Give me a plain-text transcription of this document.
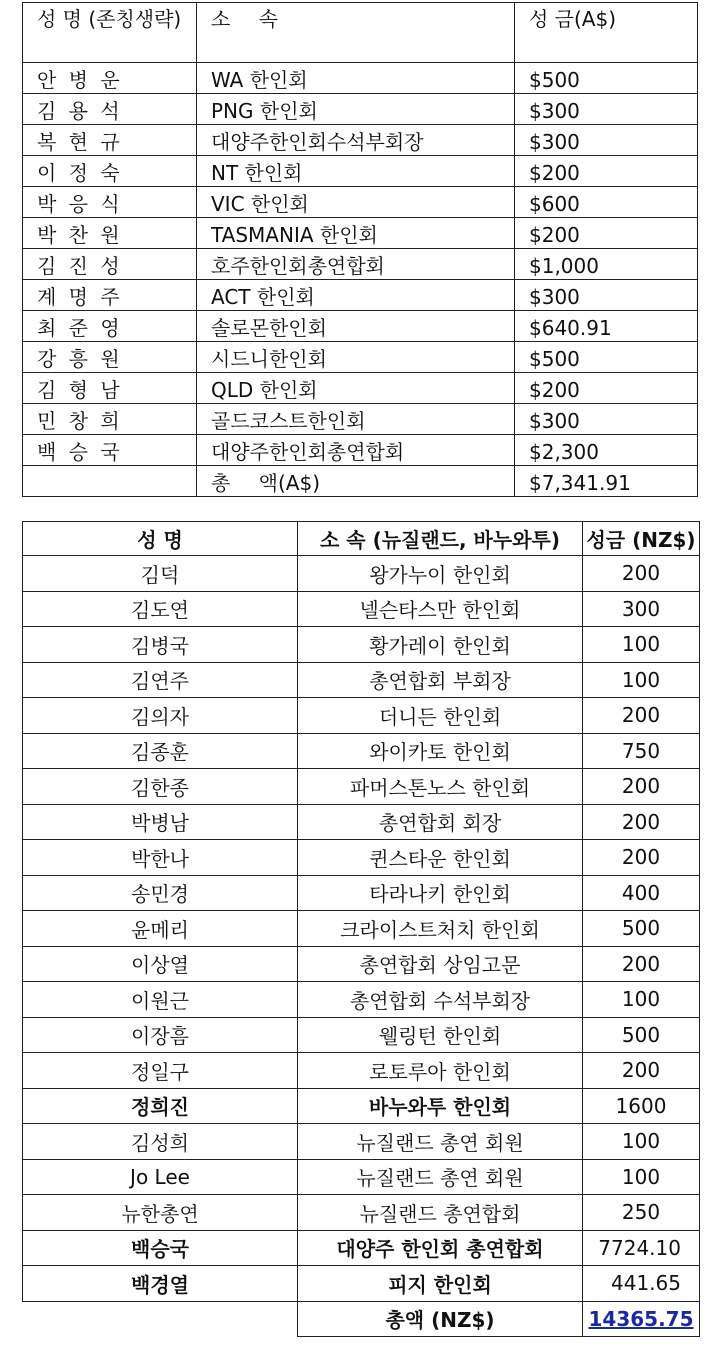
성 명 (존칭생략)	소 속	성 금(A$)
안 병 운	WA 한인회	$500
김 용 석	PNG 한인회	$300
복 현 규	대양주한인회수석부회장	$300
이 정 숙	NT 한인회	$200
박 응 식	VIC 한인회	$600
박 찬 원	TASMANIA 한인회	$200
김 진 성	호주한인회총연합회	$1,000
계 명 주	ACT 한인회	$300
최 준 영	솔로몬한인회	$640.91
강 흥 원	시드니한인회	$500
김 형 남	QLD 한인회	$200
민 창 희	골드코스트한인회	$300
백 승 국	대양주한인회총연합회	$2,300
	총 액(A$)	$7,341.91
성 명	소 속 (뉴질랜드, 바누와투)	성금 (NZ$)
김덕	왕가누이 한인회	200
김도연	넬슨타스만 한인회	300
김병국	황가레이 한인회	100
김연주	총연합회 부회장	100
김의자	더니든 한인회	200
김종훈	와이카토 한인회	750
김한종	파머스톤노스 한인회	200
박병남	총연합회 회장	200
박한나	퀸스타운 한인회	200
송민경	타라나키 한인회	400
윤메리	크라이스트처치 한인회	500
이상열	총연합회 상임고문	200
이원근	총연합회 수석부회장	100
이장흠	웰링턴 한인회	500
정일구	로토루아 한인회	200
정희진	바누와투 한인회	1600
김성희	뉴질랜드 총연 회원	100
Jo Lee	뉴질랜드 총연 회원	100
뉴한총연	뉴질랜드 총연합회	250
백승국	대양주 한인회 총연합회	7724.10
백경열	피지 한인회	441.65
	총액 (NZ$)	14365.75
